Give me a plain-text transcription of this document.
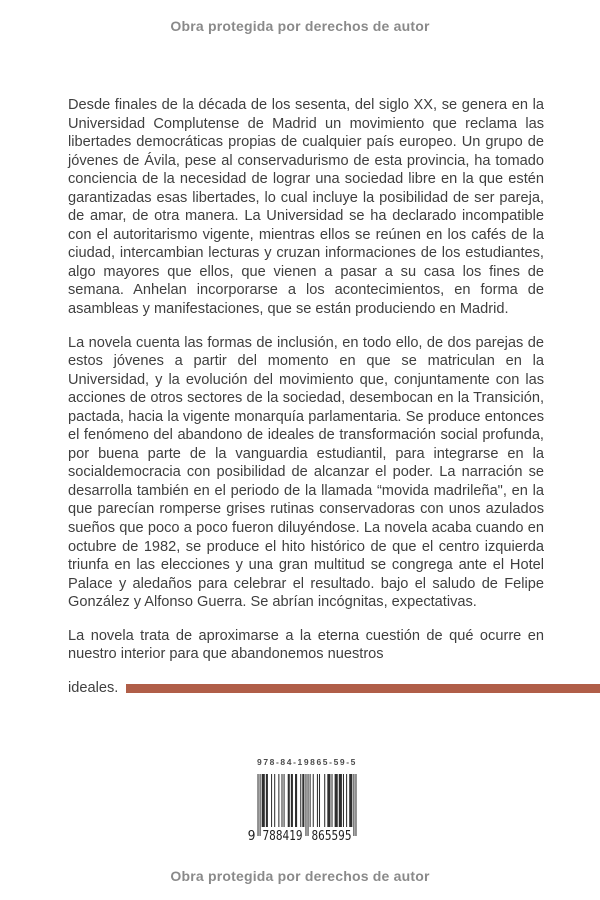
Obra protegida por derechos de autor

Desde finales de la década de los sesenta, del siglo XX, se genera en la Universidad Complutense de Madrid un movimiento que reclama las libertades democráticas propias de cualquier país europeo. Un grupo de jóvenes de Ávila, pese al conservadurismo de esta provincia, ha tomado conciencia de la necesidad de lograr una sociedad libre en la que estén garantizadas esas libertades, lo cual incluye la posibilidad de ser pareja, de amar, de otra manera. La Universidad se ha declarado incompatible con el autoritarismo vigente, mientras ellos se reúnen en los cafés de la ciudad, intercambian lecturas y cruzan informaciones de los estudiantes, algo mayores que ellos, que vienen a pasar a su casa los fines de semana. Anhelan incorporarse a los acontecimientos, en forma de asambleas y manifestaciones, que se están produciendo en Madrid.

La novela cuenta las formas de inclusión, en todo ello, de dos parejas de estos jóvenes a partir del momento en que se matriculan en la Universidad, y la evolución del movimiento que, conjuntamente con las acciones de otros sectores de la sociedad, desembocan en la Transición, pactada, hacia la vigente monarquía parlamentaria. Se produce entonces el fenómeno del abandono de ideales de transformación social profunda, por buena parte de la vanguardia estudiantil, para integrarse en la socialdemocracia con posibilidad de alcanzar el poder. La narración se desarrolla también en el periodo de la llamada “movida madrileña", en la que parecían romperse grises rutinas conservadoras con unos azulados sueños que poco a poco fueron diluyéndose. La novela acaba cuando en octubre de 1982, se produce el hito histórico de que el centro izquierda triunfa en las elecciones y una gran multitud se congrega ante el Hotel Palace y aledaños para celebrar el resultado. bajo el saludo de Felipe González y Alfonso Guerra. Se abrían incógnitas, expectativas.

La novela trata de aproximarse a la eterna cuestión de qué ocurre en nuestro interior para que abandonemos nuestros

ideales.
978-84-19865-59-5
9 788419 865595
Obra protegida por derechos de autor
